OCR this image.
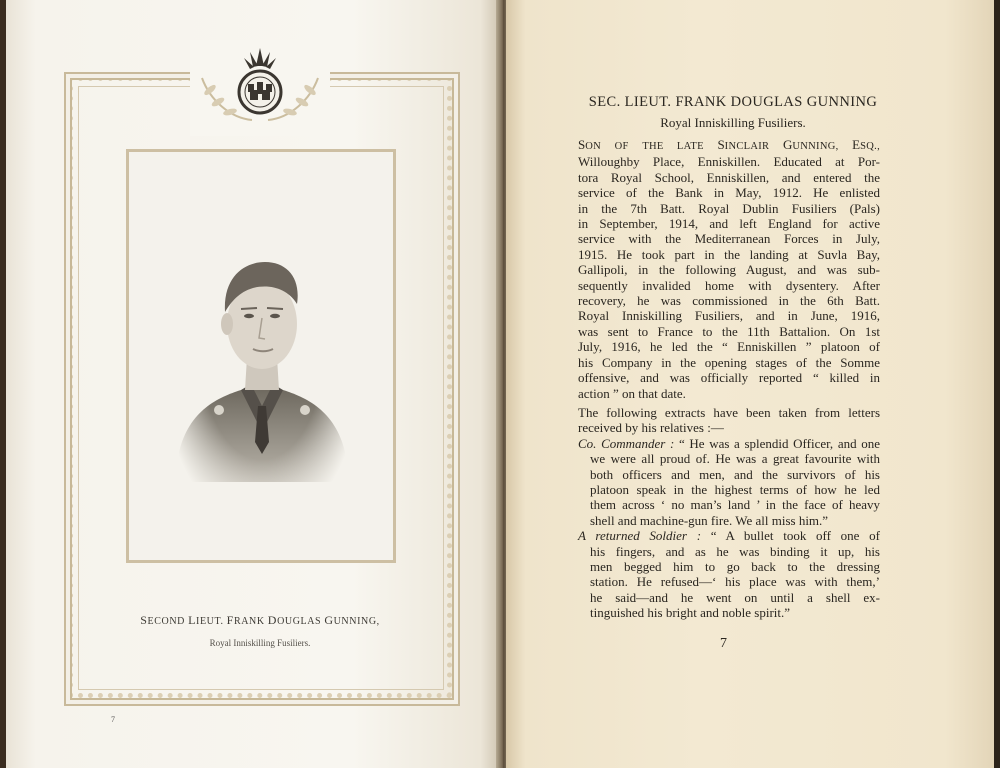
SECOND LIEUT. FRANK DOUGLAS GUNNING,
Royal Inniskilling Fusiliers.
7
SEC. LIEUT. FRANK DOUGLAS GUNNING
Royal Inniskilling Fusiliers.
SON OF THE LATE SINCLAIR GUNNING, ESQ.,
Willoughby Place, Enniskillen. Educated at Por-
tora Royal School, Enniskillen, and entered the
service of the Bank in May, 1912. He enlisted
in the 7th Batt. Royal Dublin Fusiliers (Pals)
in September, 1914, and left England for active
service with the Mediterranean Forces in July,
1915. He took part in the landing at Suvla Bay,
Gallipoli, in the following August, and was sub-
sequently invalided home with dysentery. After
recovery, he was commissioned in the 6th Batt.
Royal Inniskilling Fusiliers, and in June, 1916,
was sent to France to the 11th Battalion. On 1st
July, 1916, he led the “ Enniskillen ” platoon of
his Company in the opening stages of the Somme
offensive, and was officially reported “ killed in
action ” on that date.
The following extracts have been taken from letters
received by his relatives :—
Co. Commander : “ He was a splendid Officer, and one
we were all proud of. He was a great favourite with
both officers and men, and the survivors of his
platoon speak in the highest terms of how he led
them across ‘ no man’s land ’ in the face of heavy
shell and machine-gun fire. We all miss him.”
A returned Soldier : “ A bullet took off one of
his fingers, and as he was binding it up, his
men begged him to go back to the dressing
station. He refused—‘ his place was with them,’
he said—and he went on until a shell ex-
tinguished his bright and noble spirit.”
7
